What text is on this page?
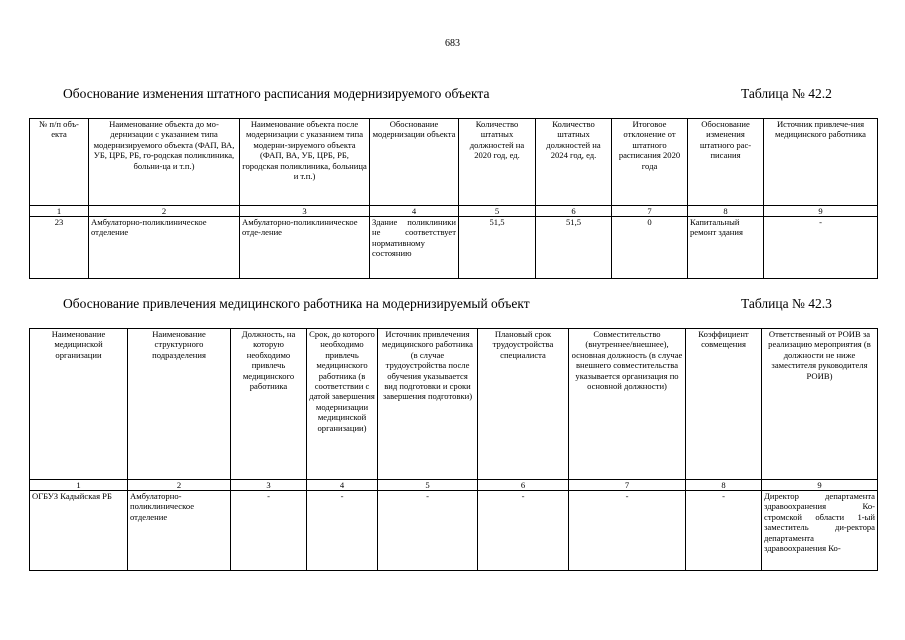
683
Обоснование изменения штатного расписания модернизируемого объекта	Таблица № 42.2
№ п/п объ-екта	Наименование объекта до мо-дернизации с указанием типа модернизируемого объекта (ФАП, ВА, УБ, ЦРБ, РБ, го-родская поликлиника, больни-ца и т.п.)	Наименование объекта после модернизации с указанием типа модерни-зируемого объекта (ФАП, ВА, УБ, ЦРБ, РБ, городская поликлиника, больница и т.п.)	Обоснование модернизации объекта	Количество штатных должностей на 2020 год, ед.	Количество штатных должностей на 2024 год, ед.	Итоговое отклонение от штатного расписания 2020 года	Обоснование изменения штатного рас-писания	Источник привлече-ния медицинского работника
1	2	3	4	5	6	7	8	9
23	Амбулаторно-поликлиническое отделение	Амбулаторно-поликлиническое отде-ление	Здание поликлиники не соответствует нормативному состоянию	51,5	51,5	0	Капитальный ремонт здания	-
Обоснование привлечения медицинского работника на модернизируемый объект	Таблица № 42.3
Наименование медицинской организации	Наименование структурного подразделения	Должность, на которую необходимо привлечь медицинского работника	Срок, до которого необходимо привлечь медицинского работника (в соответствии с датой завершения модернизации медицинской организации)	Источник привлечения медицинского работника (в случае трудоустройства после обучения указывается вид подготовки и сроки завершения подготовки)	Плановый срок трудоустройства специалиста	Совместительство (внутреннее/внешнее), основная должность (в случае внешнего совместительства указывается организация по основной должности)	Коэффициент совмещения	Ответственный от РОИВ за реализацию мероприятия (в должности не ниже заместителя руководителя РОИВ)
1	2	3	4	5	6	7	8	9
ОГБУЗ Кадыйская РБ	Амбулаторно-поликлиническое отделение	-	-	-	-	-	-	Директор департамента здравоохранения Ко-стромской области 1-ый заместитель ди-ректора департамента здравоохранения Ко-
